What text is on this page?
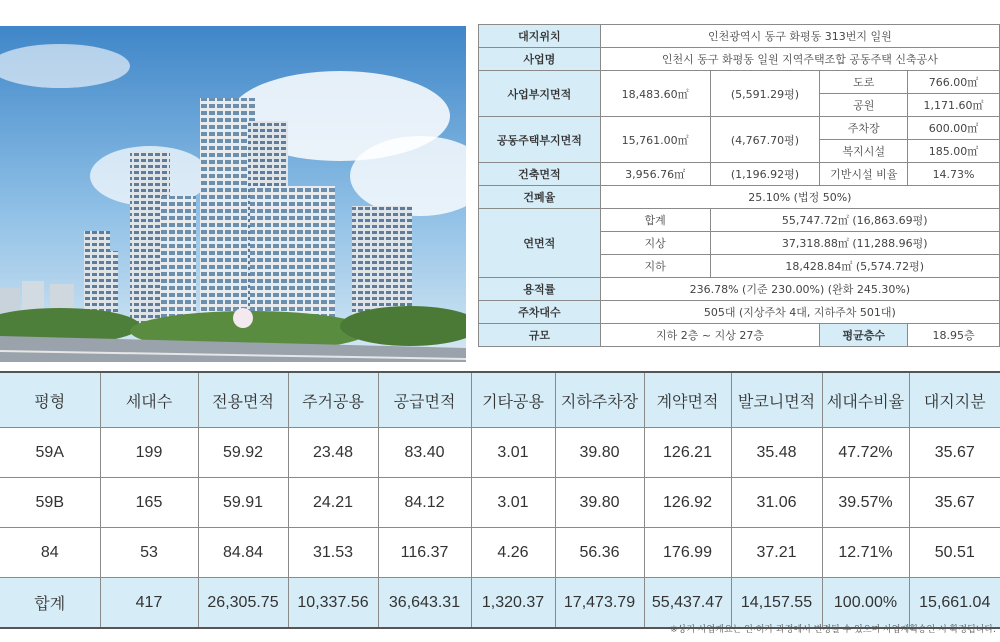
대지위치	인천광역시 동구 화평동 313번지 일원			
사업명	인천시 동구 화평동 일원 지역주택조합 공동주택 신축공사			
사업부지면적	18,483.60㎡	(5,591.29평)	도로	766.00㎡
			공원	1,171.60㎡
공동주택부지면적	15,761.00㎡	(4,767.70평)	주차장	600.00㎡
			복지시설	185.00㎡
건축면적	3,956.76㎡	(1,196.92평)	기반시설 비율	14.73%
건폐율	25.10% (법정 50%)			
연면적	합계	55,747.72㎡ (16,863.69평)		
	지상	37,318.88㎡ (11,288.96평)		
	지하	18,428.84㎡ (5,574.72평)		
용적률	236.78% (기준 230.00%) (완화 245.30%)			
주차대수	505대 (지상주차 4대, 지하주차 501대)			
규모	지하 2층 ~ 지상 27층		평균층수	18.95층
평형	세대수	전용면적	주거공용	공급면적	기타공용	지하주차장	계약면적	발코니면적	세대수비율	대지지분
59A	199	59.92	23.48	83.40	3.01	39.80	126.21	35.48	47.72%	35.67
59B	165	59.91	24.21	84.12	3.01	39.80	126.92	31.06	39.57%	35.67
84	53	84.84	31.53	116.37	4.26	56.36	176.99	37.21	12.71%	50.51
합계	417	26,305.75	10,337.56	36,643.31	1,320.37	17,473.79	55,437.47	14,157.55	100.00%	15,661.04
※상기 사업개요는 인·허가 과정에서 변경될 수 있으며 사업계획승인 시 확정됩니다.
